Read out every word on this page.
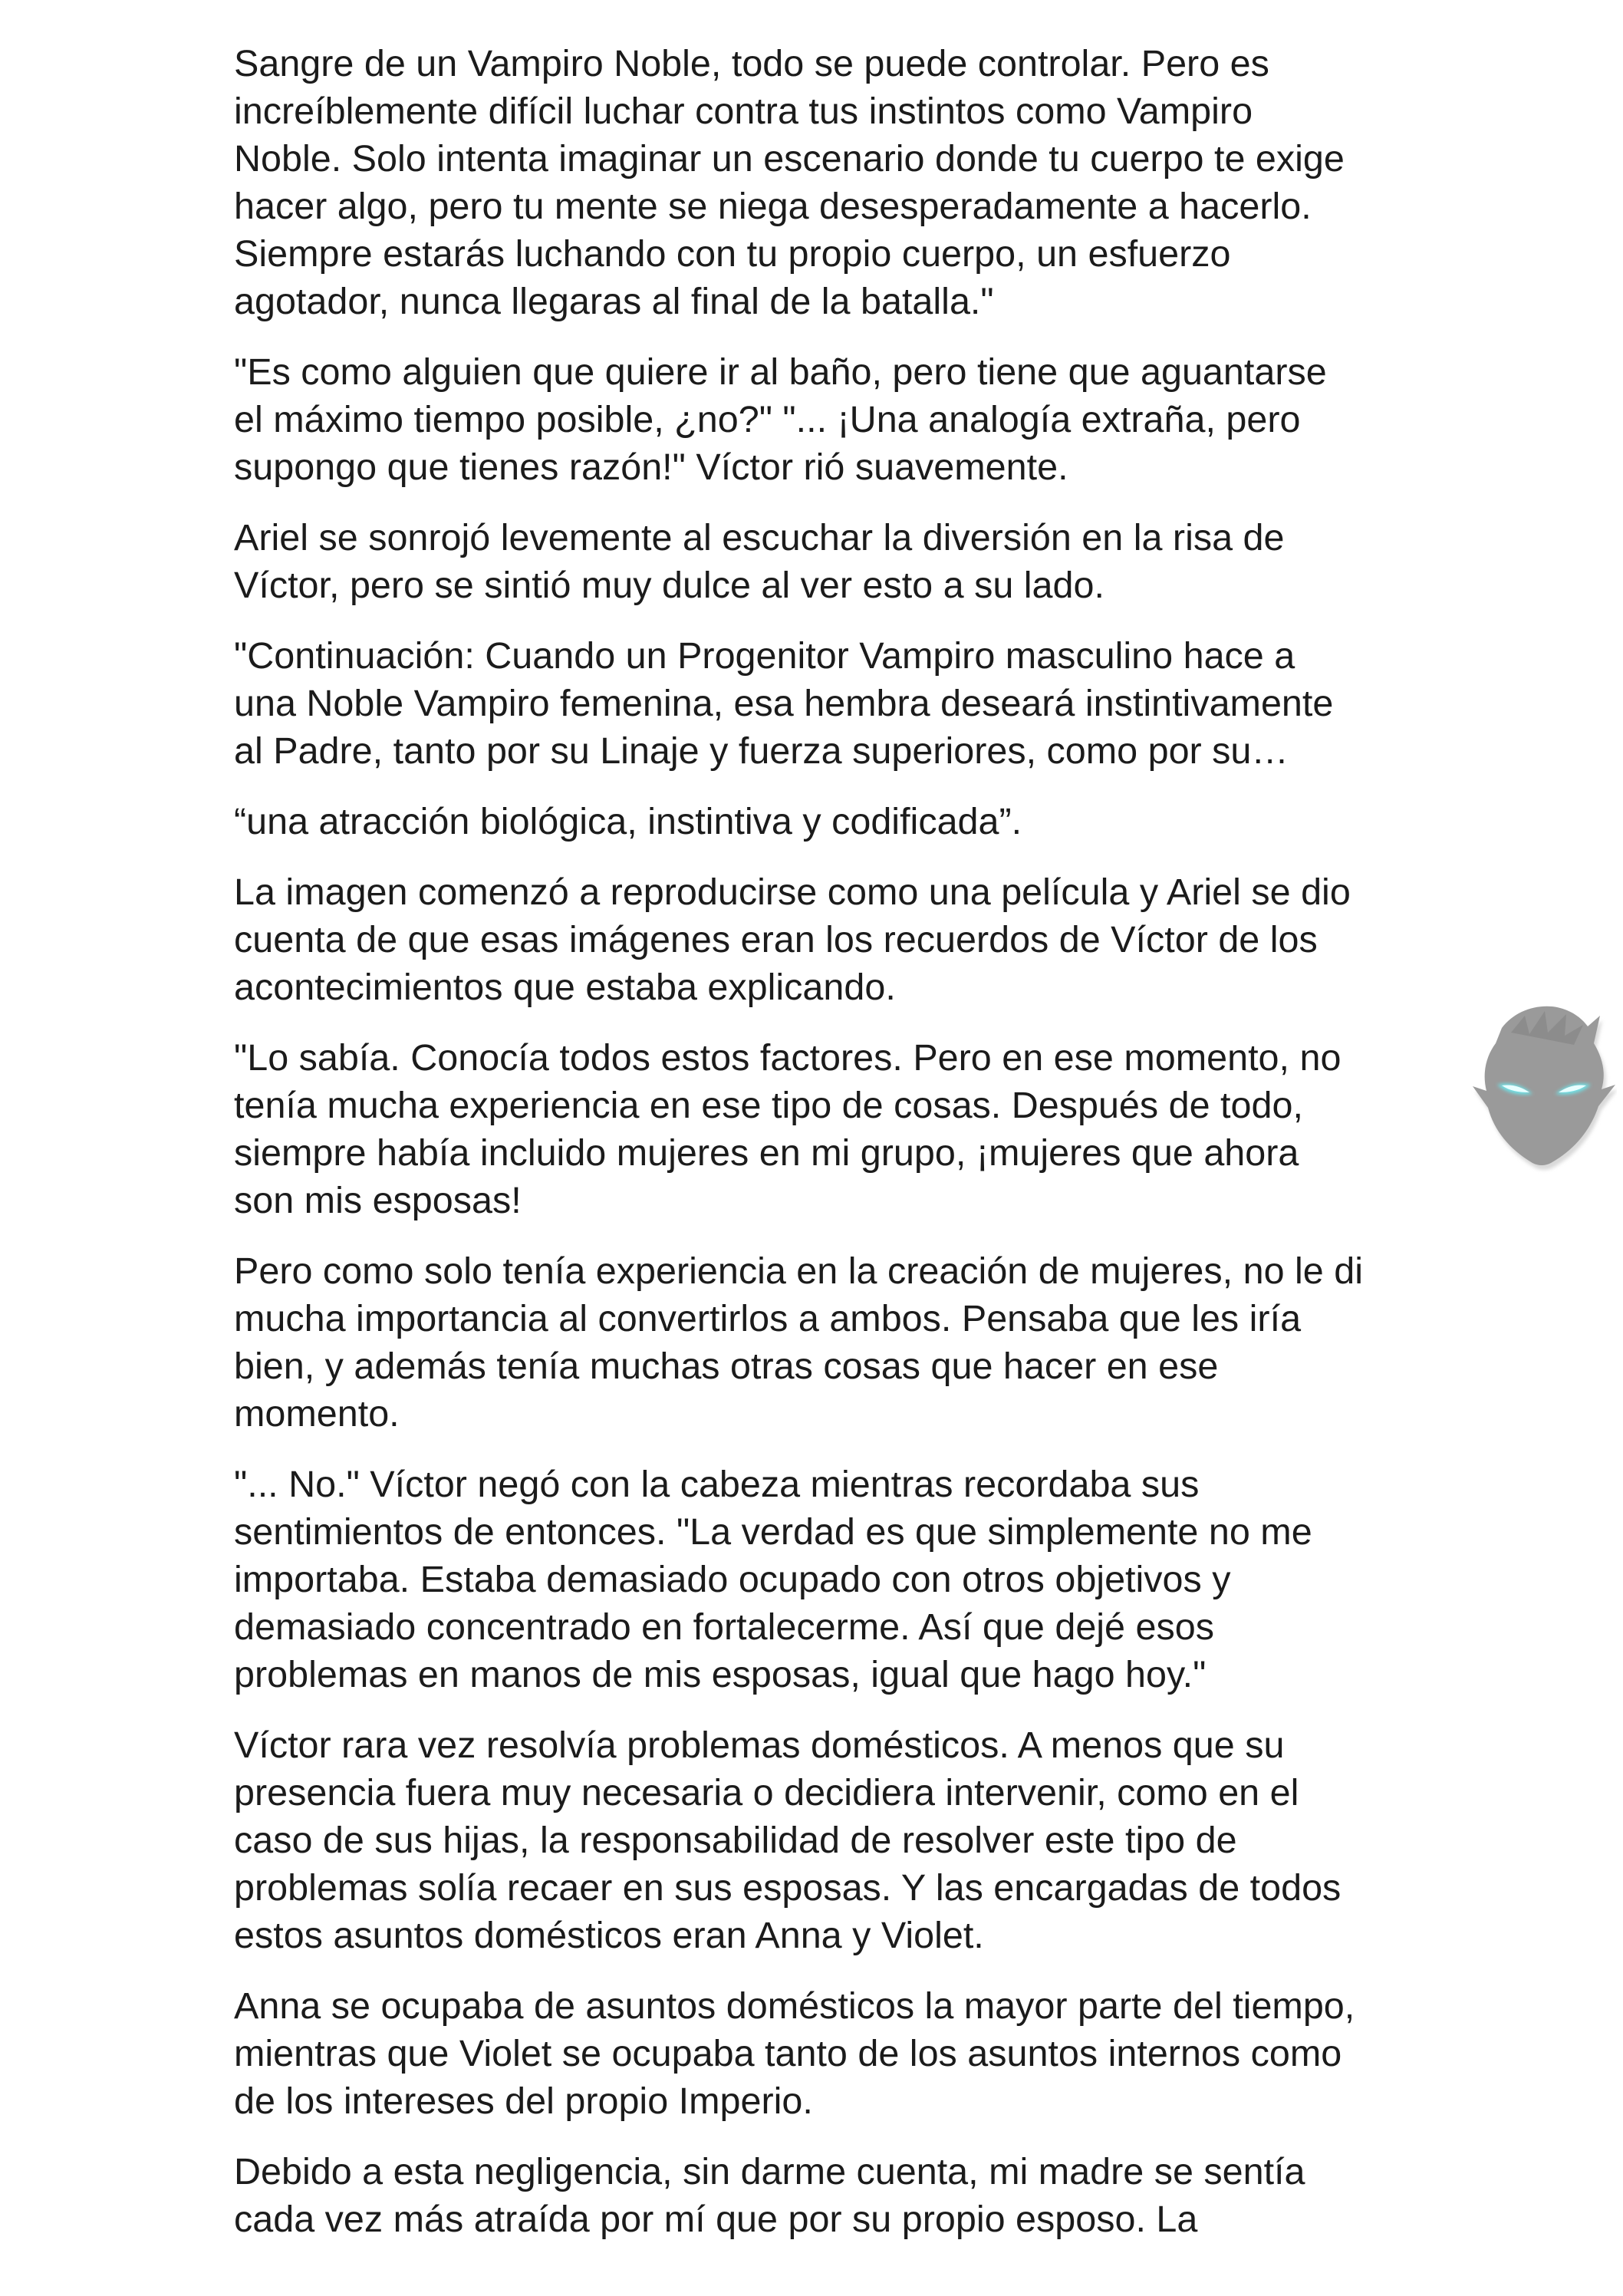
Sangre de un Vampiro Noble, todo se puede controlar. Pero es
increíblemente difícil luchar contra tus instintos como Vampiro
Noble. Solo intenta imaginar un escenario donde tu cuerpo te exige
hacer algo, pero tu mente se niega desesperadamente a hacerlo.
Siempre estarás luchando con tu propio cuerpo, un esfuerzo
agotador, nunca llegaras al final de la batalla."

"Es como alguien que quiere ir al baño, pero tiene que aguantarse
el máximo tiempo posible, ¿no?" "... ¡Una analogía extraña, pero
supongo que tienes razón!" Víctor rió suavemente.

Ariel se sonrojó levemente al escuchar la diversión en la risa de
Víctor, pero se sintió muy dulce al ver esto a su lado.

"Continuación: Cuando un Progenitor Vampiro masculino hace a
una Noble Vampiro femenina, esa hembra deseará instintivamente
al Padre, tanto por su Linaje y fuerza superiores, como por su…

“una atracción biológica, instintiva y codificada”.

La imagen comenzó a reproducirse como una película y Ariel se dio
cuenta de que esas imágenes eran los recuerdos de Víctor de los
acontecimientos que estaba explicando.

"Lo sabía. Conocía todos estos factores. Pero en ese momento, no
tenía mucha experiencia en ese tipo de cosas. Después de todo,
siempre había incluido mujeres en mi grupo, ¡mujeres que ahora
son mis esposas!

Pero como solo tenía experiencia en la creación de mujeres, no le di
mucha importancia al convertirlos a ambos. Pensaba que les iría
bien, y además tenía muchas otras cosas que hacer en ese
momento.

"... No." Víctor negó con la cabeza mientras recordaba sus
sentimientos de entonces. "La verdad es que simplemente no me
importaba. Estaba demasiado ocupado con otros objetivos y
demasiado concentrado en fortalecerme. Así que dejé esos
problemas en manos de mis esposas, igual que hago hoy."

Víctor rara vez resolvía problemas domésticos. A menos que su
presencia fuera muy necesaria o decidiera intervenir, como en el
caso de sus hijas, la responsabilidad de resolver este tipo de
problemas solía recaer en sus esposas. Y las encargadas de todos
estos asuntos domésticos eran Anna y Violet.

Anna se ocupaba de asuntos domésticos la mayor parte del tiempo,
mientras que Violet se ocupaba tanto de los asuntos internos como
de los intereses del propio Imperio.

Debido a esta negligencia, sin darme cuenta, mi madre se sentía
cada vez más atraída por mí que por su propio esposo. La
